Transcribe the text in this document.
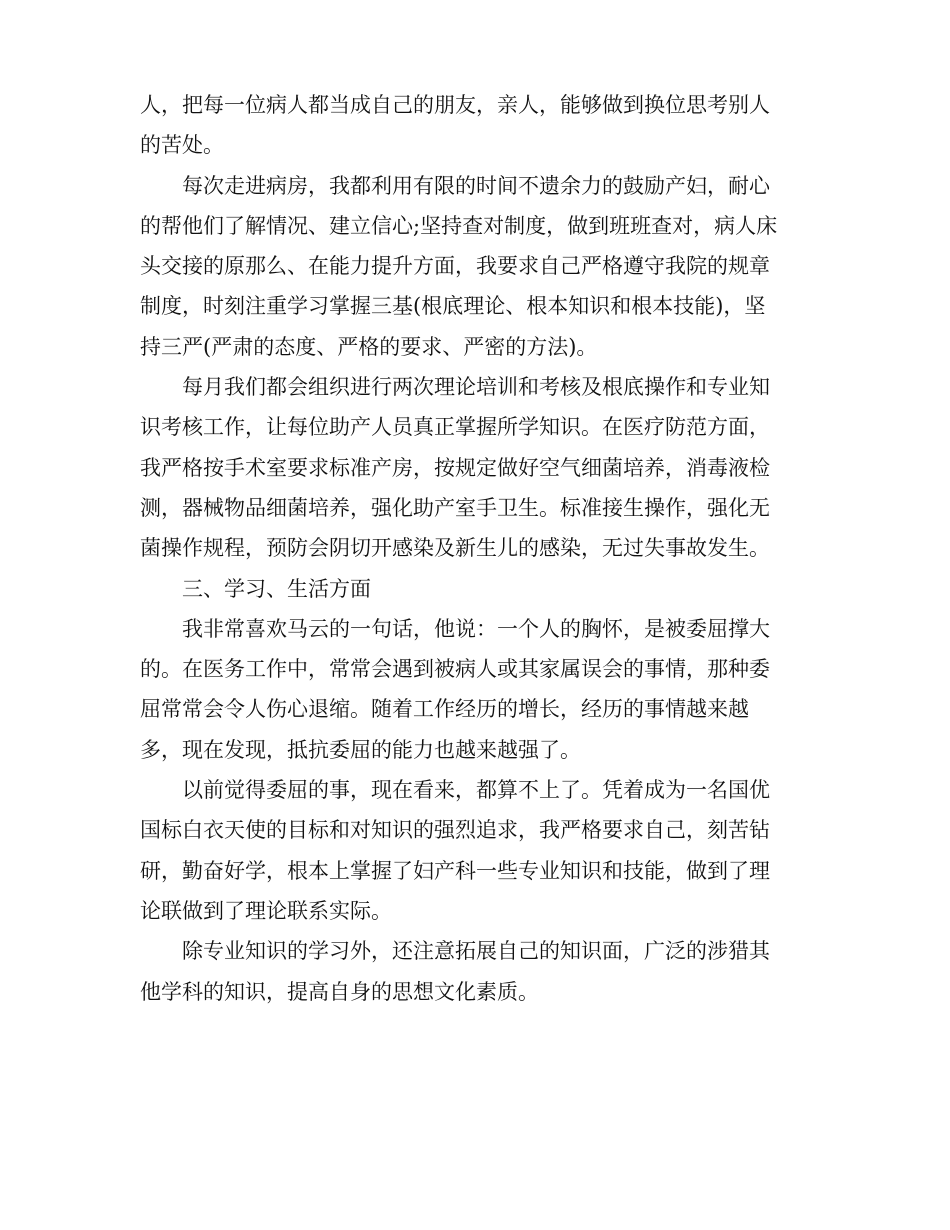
人，把每一位病人都当成自己的朋友，亲人，能够做到换位思考别人
的苦处。
每次走进病房，我都利用有限的时间不遗余力的鼓励产妇，耐心
的帮他们了解情况、建立信心;坚持查对制度，做到班班查对，病人床
头交接的原那么、在能力提升方面，我要求自己严格遵守我院的规章
制度，时刻注重学习掌握三基(根底理论、根本知识和根本技能)，坚
持三严(严肃的态度、严格的要求、严密的方法)。
每月我们都会组织进行两次理论培训和考核及根底操作和专业知
识考核工作，让每位助产人员真正掌握所学知识。在医疗防范方面，
我严格按手术室要求标准产房，按规定做好空气细菌培养，消毒液检
测，器械物品细菌培养，强化助产室手卫生。标准接生操作，强化无
菌操作规程，预防会阴切开感染及新生儿的感染，无过失事故发生。
三、学习、生活方面
我非常喜欢马云的一句话，他说：一个人的胸怀，是被委屈撑大
的。在医务工作中，常常会遇到被病人或其家属误会的事情，那种委
屈常常会令人伤心退缩。随着工作经历的增长，经历的事情越来越
多，现在发现，抵抗委屈的能力也越来越强了。
以前觉得委屈的事，现在看来，都算不上了。凭着成为一名国优
国标白衣天使的目标和对知识的强烈追求，我严格要求自己，刻苦钻
研，勤奋好学，根本上掌握了妇产科一些专业知识和技能，做到了理
论联做到了理论联系实际。
除专业知识的学习外，还注意拓展自己的知识面，广泛的涉猎其
他学科的知识，提高自身的思想文化素质。
